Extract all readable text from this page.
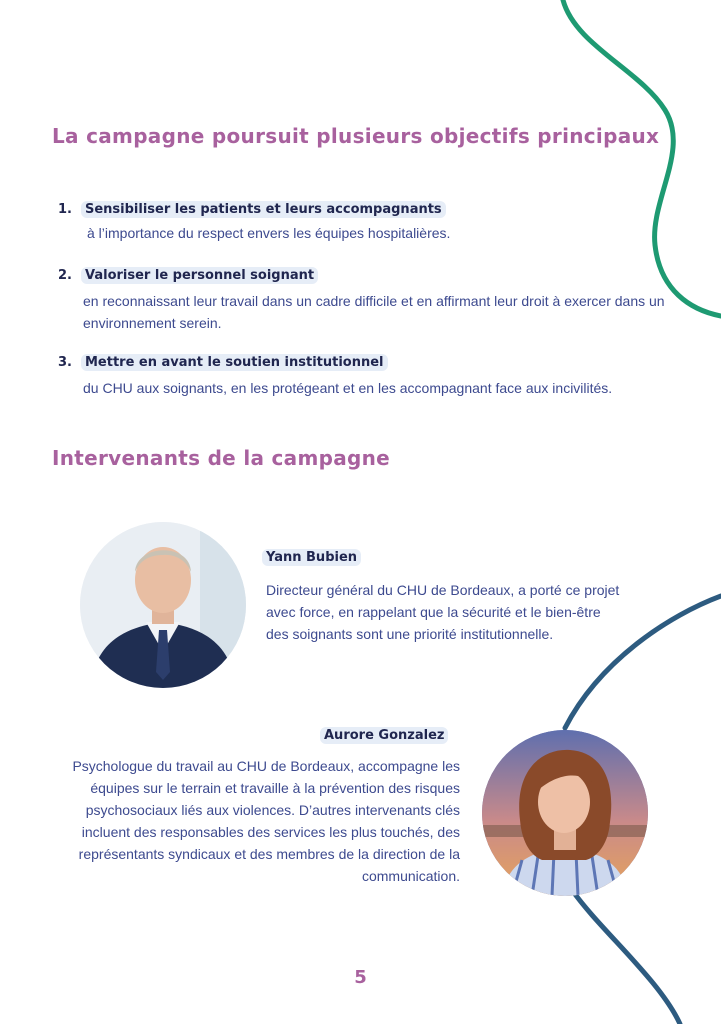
La campagne poursuit plusieurs objectifs principaux
1. Sensibiliser les patients et leurs accompagnants

à l’importance du respect envers les équipes hospitalières.

2. Valoriser le personnel soignant

en reconnaissant leur travail dans un cadre difficile et en affirmant leur droit à exercer dans un environnement serein.

3. Mettre en avant le soutien institutionnel

du CHU aux soignants, en les protégeant et en les accompagnant face aux incivilités.

Intervenants de la campagne
Yann Bubien

Directeur général du CHU de Bordeaux, a porté ce projet avec force, en rappelant que la sécurité et le bien-être des soignants sont une priorité institutionnelle.

Aurore Gonzalez

Psychologue du travail au CHU de Bordeaux, accompagne les équipes sur le terrain et travaille à la prévention des risques psychosociaux liés aux violences. D’autres intervenants clés incluent des responsables des services les plus touchés, des représentants syndicaux et des membres de la direction de la communication.

5
